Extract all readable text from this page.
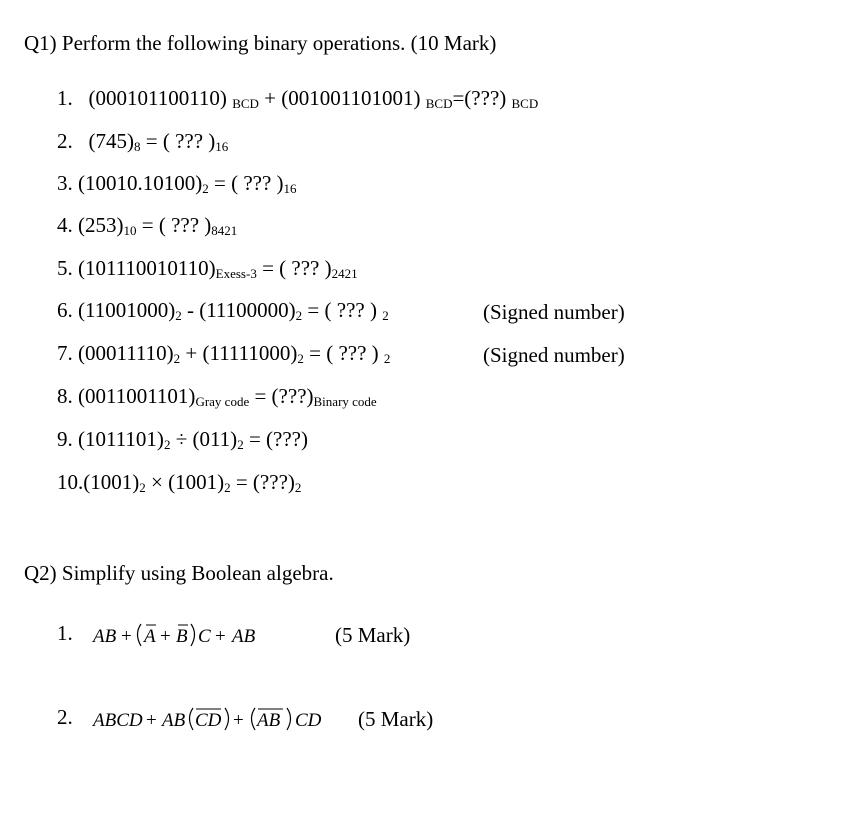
Q1) Perform the following binary operations. (10 Mark)
1. (000101100110) BCD + (001001101001) BCD=(???) BCD
2. (745)8 = ( ??? )16
3. (10010.10100)2 = ( ??? )16
4. (253)10 = ( ??? )8421
5. (101110010110)Exess-3 = ( ??? )2421
6. (11001000)2 - (11100000)2 = ( ??? ) 2	(Signed number)
7. (00011110)2 + (11111000)2 = ( ??? ) 2	(Signed number)
8. (0011001101)Gray code = (???)Binary code
9. (1011101)2 ÷ (011)2 = (???)
10.(1001)2 × (1001)2 = (???)2
Q2) Simplify using Boolean algebra.
1. AB + A + B C + AB	(5 Mark)
2. ABCD + AB CD + AB CD (5 Mark)
